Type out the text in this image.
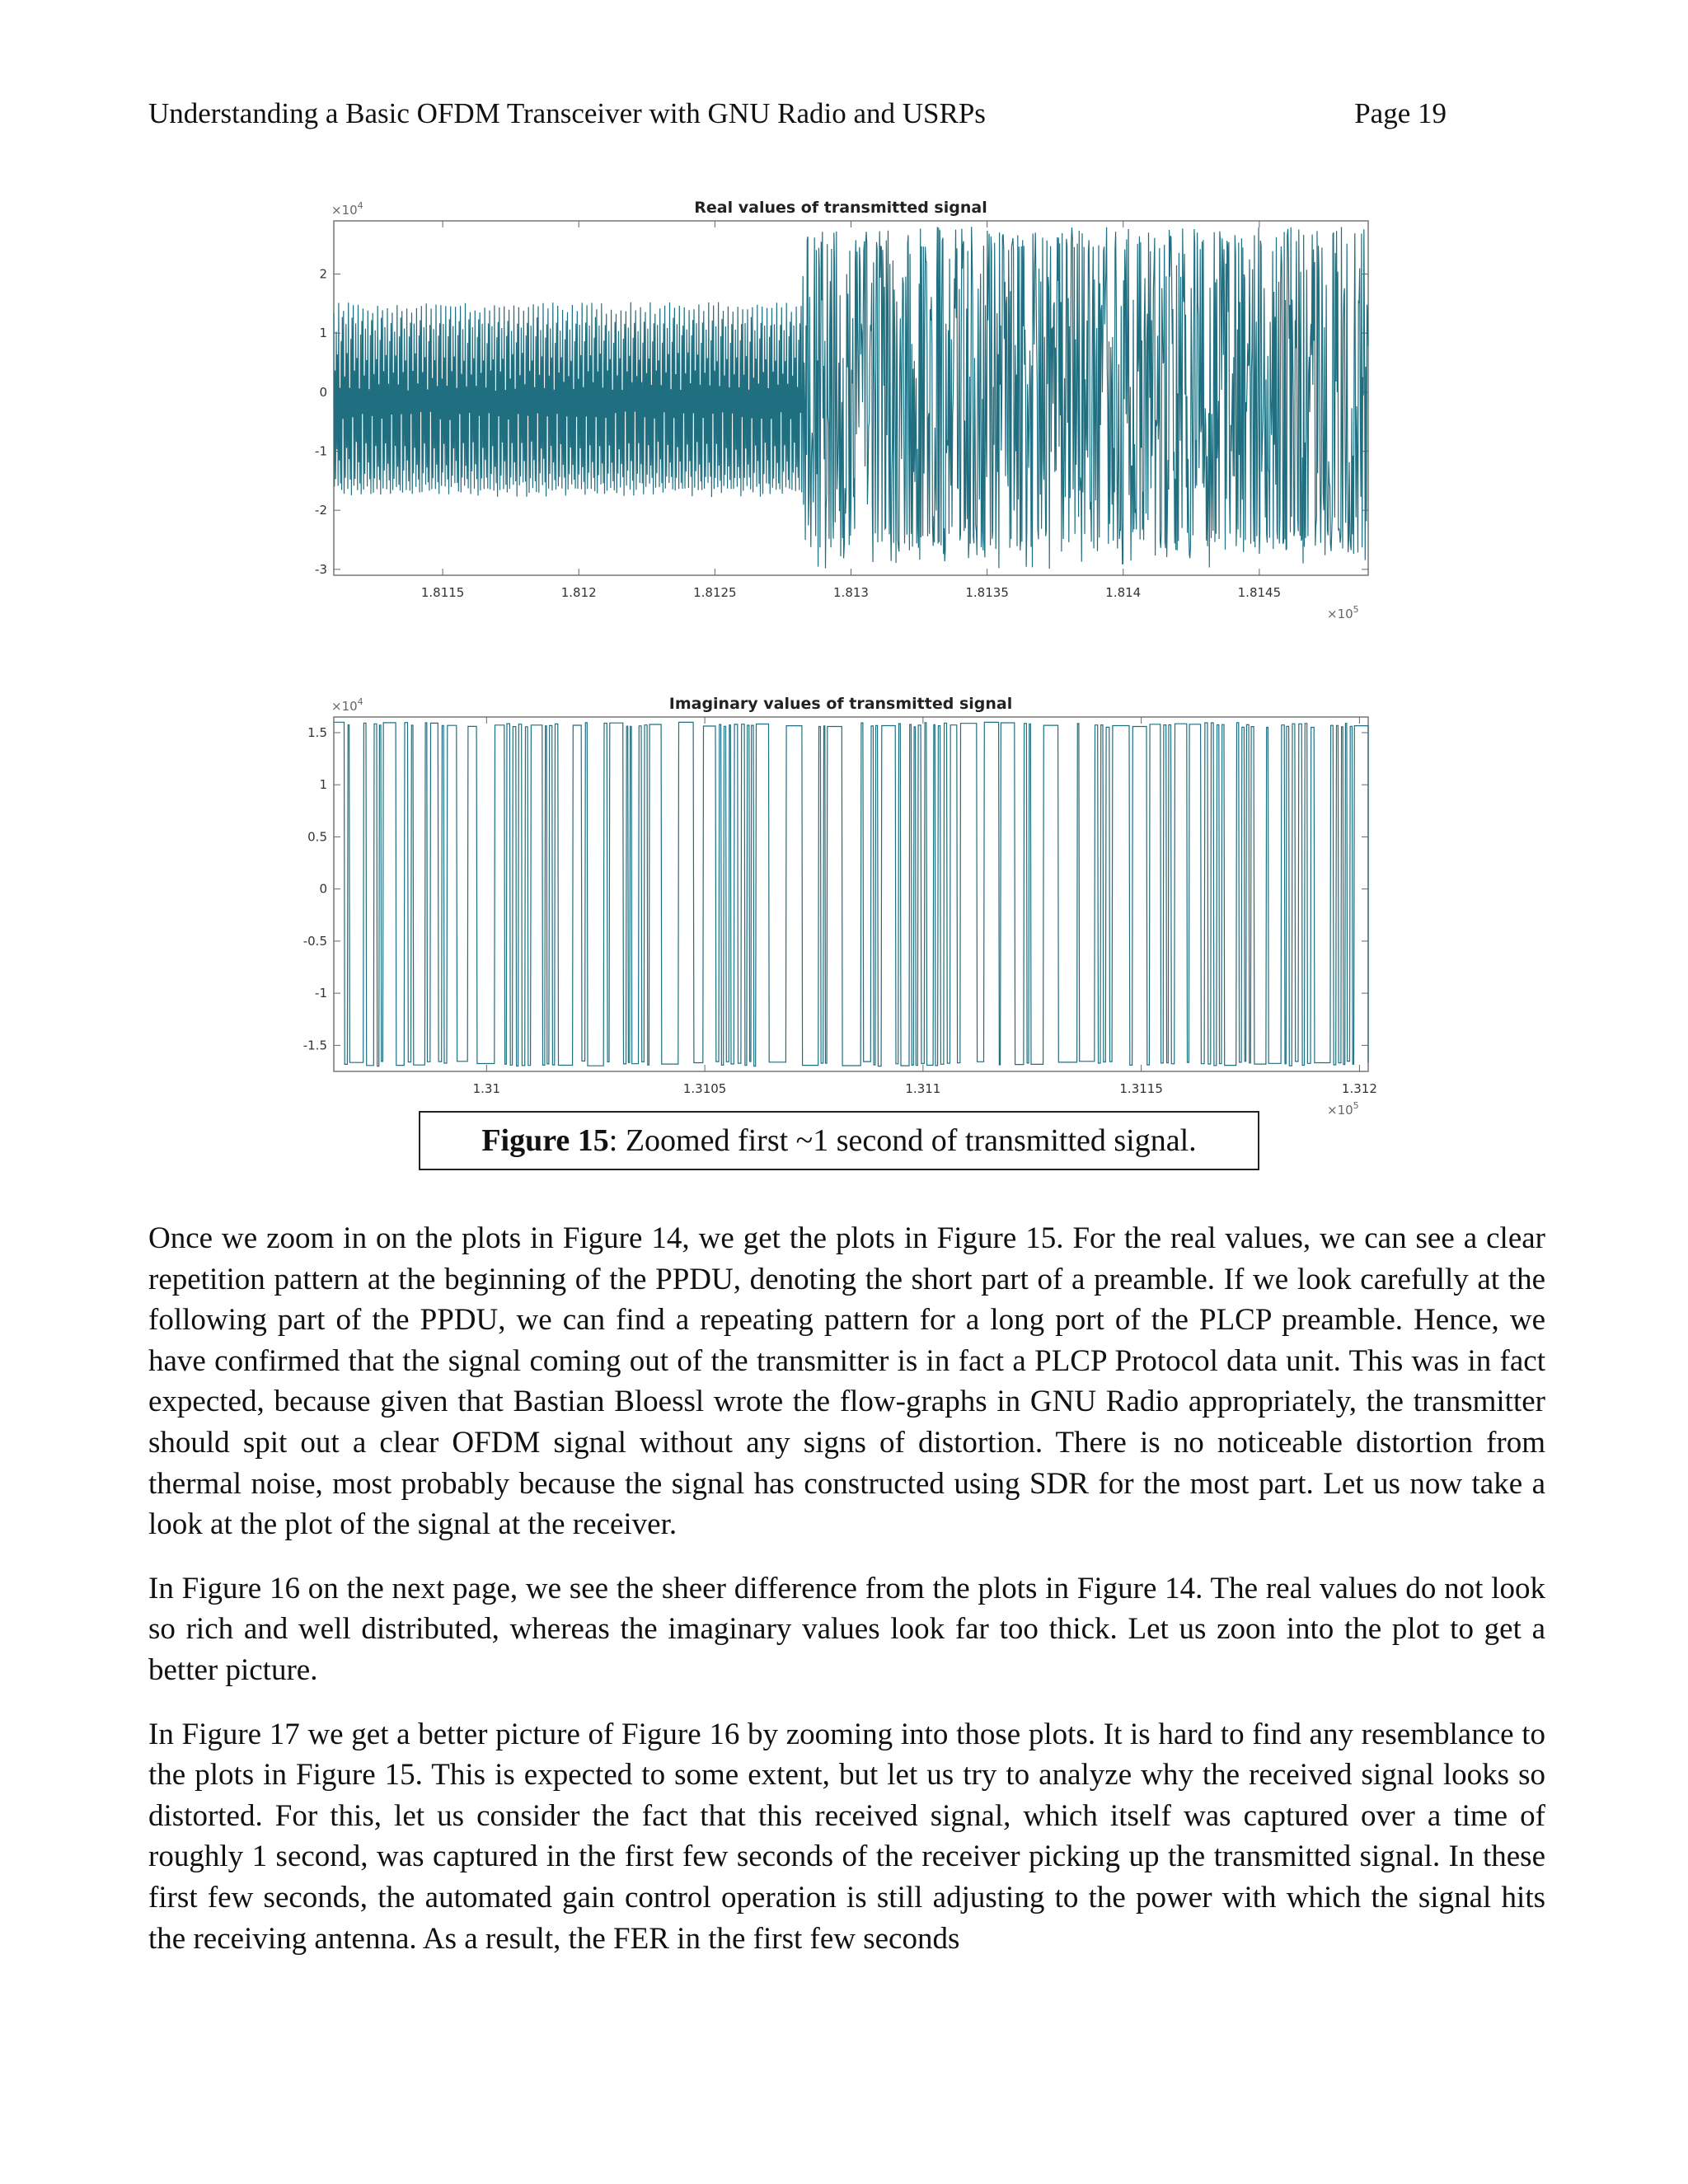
Understanding a Basic OFDM Transceiver with GNU Radio and USRPs	Page 19
Real values of transmitted signal
$\times 10^4$
$\times 10^5$
1.8115	1.812	1.8125	1.813	1.8135	1.814	1.8145
2
1
0
-1
-2
-3
Imaginary values of transmitted signal
$\times 10^4$
$\times 10^5$
1.31	1.3105	1.311	1.3115	1.312
1.5
1
0.5
0
-0.5
-1
-1.5
Figure 15: Zoomed first ~1 second of transmitted signal.

Once we zoom in on the plots in Figure 14, we get the plots in Figure 15. For the real values, we can see a clear repetition pattern at the beginning of the PPDU, denoting the short part of a preamble. If we look carefully at the following part of the PPDU, we can find a repeating pattern for a long port of the PLCP preamble. Hence, we have confirmed that the signal coming out of the transmitter is in fact a PLCP Protocol data unit. This was in fact expected, because given that Bastian Bloessl wrote the flow-graphs in GNU Radio appropriately, the transmitter should spit out a clear OFDM signal without any signs of distortion. There is no noticeable distortion from thermal noise, most probably because the signal has constructed using SDR for the most part. Let us now take a look at the plot of the signal at the receiver.

In Figure 16 on the next page, we see the sheer difference from the plots in Figure 14. The real values do not look so rich and well distributed, whereas the imaginary values look far too thick. Let us zoon into the plot to get a better picture.

In Figure 17 we get a better picture of Figure 16 by zooming into those plots. It is hard to find any resemblance to the plots in Figure 15. This is expected to some extent, but let us try to analyze why the received signal looks so distorted. For this, let us consider the fact that this received signal, which itself was captured over a time of roughly 1 second, was captured in the first few seconds of the receiver picking up the transmitted signal. In these first few seconds, the automated gain control operation is still adjusting to the power with which the signal hits the receiving antenna. As a result, the FER in the first few seconds
